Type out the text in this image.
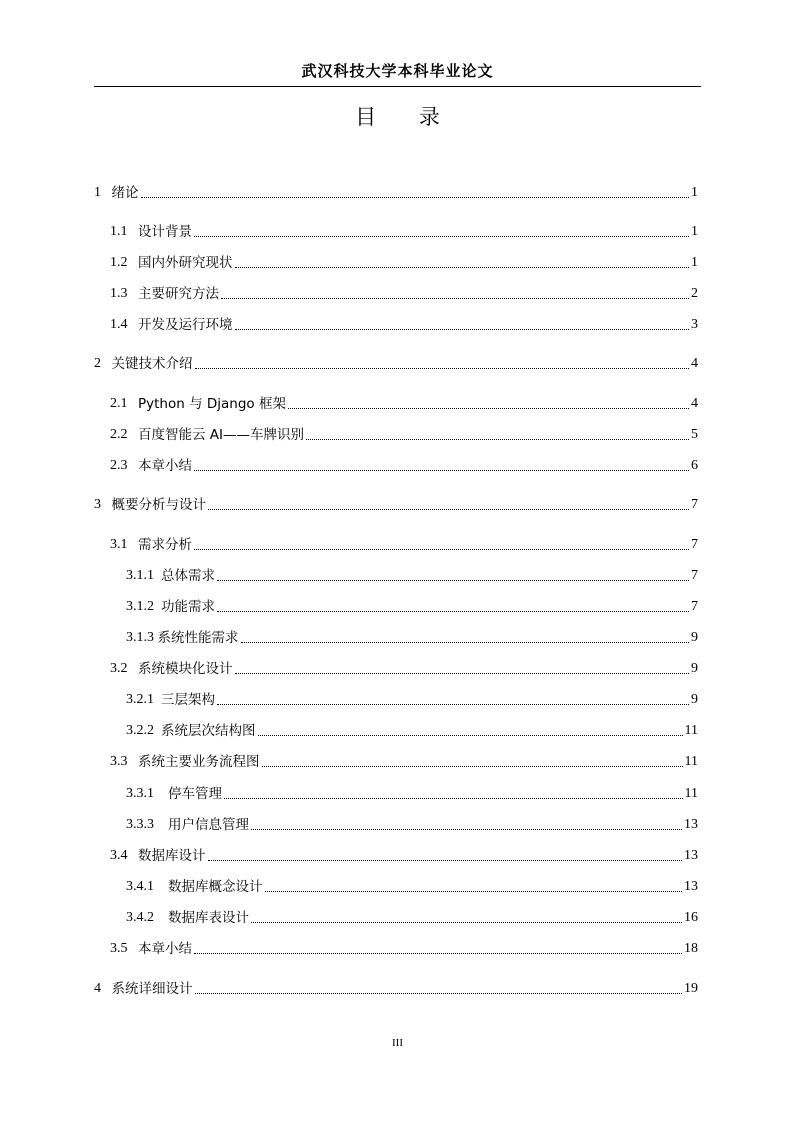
武汉科技大学本科毕业论文
目 录
1 绪论	1
1.1 设计背景	1
1.2 国内外研究现状	1
1.3 主要研究方法	2
1.4 开发及运行环境	3
2 关键技术介绍	4
2.1 Python 与 Django 框架	4
2.2 百度智能云 AI——车牌识别	5
2.3 本章小结	6
3 概要分析与设计	7
3.1 需求分析	7
3.1.1 总体需求	7
3.1.2 功能需求	7
3.1.3 系统性能需求	9
3.2 系统模块化设计	9
3.2.1 三层架构	9
3.2.2 系统层次结构图	11
3.3 系统主要业务流程图	11
3.3.1 停车管理	11
3.3.3 用户信息管理	13
3.4 数据库设计	13
3.4.1 数据库概念设计	13
3.4.2 数据库表设计	16
3.5 本章小结	18
4 系统详细设计	19
III
